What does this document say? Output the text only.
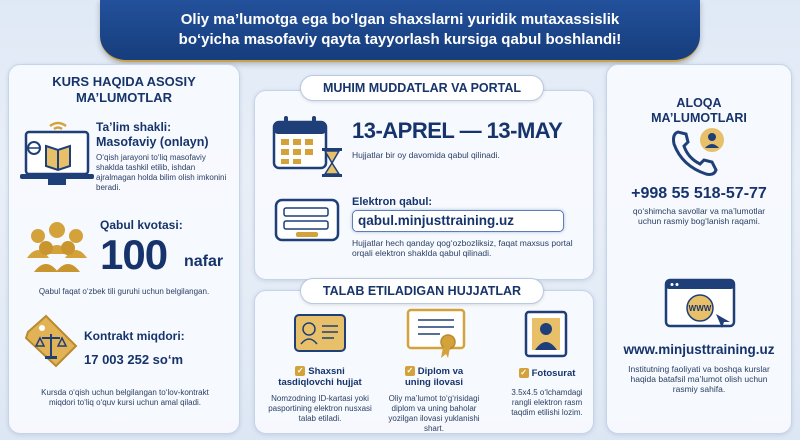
Oliy ma’lumotga ega bo‘lgan shaxslarni yuridik mutaxassislik
bo‘yicha masofaviy qayta tayyorlash kursiga qabul boshlandi!
KURS HAQIDA ASOSIY
MA’LUMOTLAR
Ta’lim shakli:
Masofaviy (onlayn)
O‘qish jarayoni to‘liq masofaviy shaklda tashkil etilib, ishdan ajralmagan holda bilim olish imkonini beradi.
Qabul kvotasi:
100 nafar
Qabul faqat o‘zbek tili guruhi uchun belgilangan.
Kontrakt miqdori:
17 003 252 so‘m
Kursda o‘qish uchun belgilangan to‘lov-kontrakt miqdori to‘liq o‘quv kursi uchun amal qiladi.
MUHIM MUDDATLAR VA PORTAL
13-APREL — 13-MAY
Hujjatlar bir oy davomida qabul qilinadi.
Elektron qabul:
qabul.minjusttraining.uz
Hujjatlar hech qanday qog‘ozbozliksiz, faqat maxsus portal orqali elektron shaklda qabul qilinadi.
TALAB ETILADIGAN HUJJATLAR
✓ Shaxsni
tasdiqlovchi hujjat
Nomzodning ID-kartasi yoki pasportining elektron nusxasi talab etiladi.
✓ Diplom va
uning ilovasi
Oliy ma’lumot to‘g‘risidagi diplom va uning baholar yozilgan ilovasi yuklanishi shart.
✓ Fotosurat
3.5x4.5 o‘lchamdagi rangli elektron rasm taqdim etilishi lozim.
ALOQA
MA’LUMOTLARI
+998 55 518-57-77
qo‘shimcha savollar va ma’lumotlar uchun rasmiy bog‘lanish raqami.
WWW
www.minjusttraining.uz
Institutning faoliyati va boshqa kurslar haqida batafsil ma’lumot olish uchun rasmiy sahifa.
